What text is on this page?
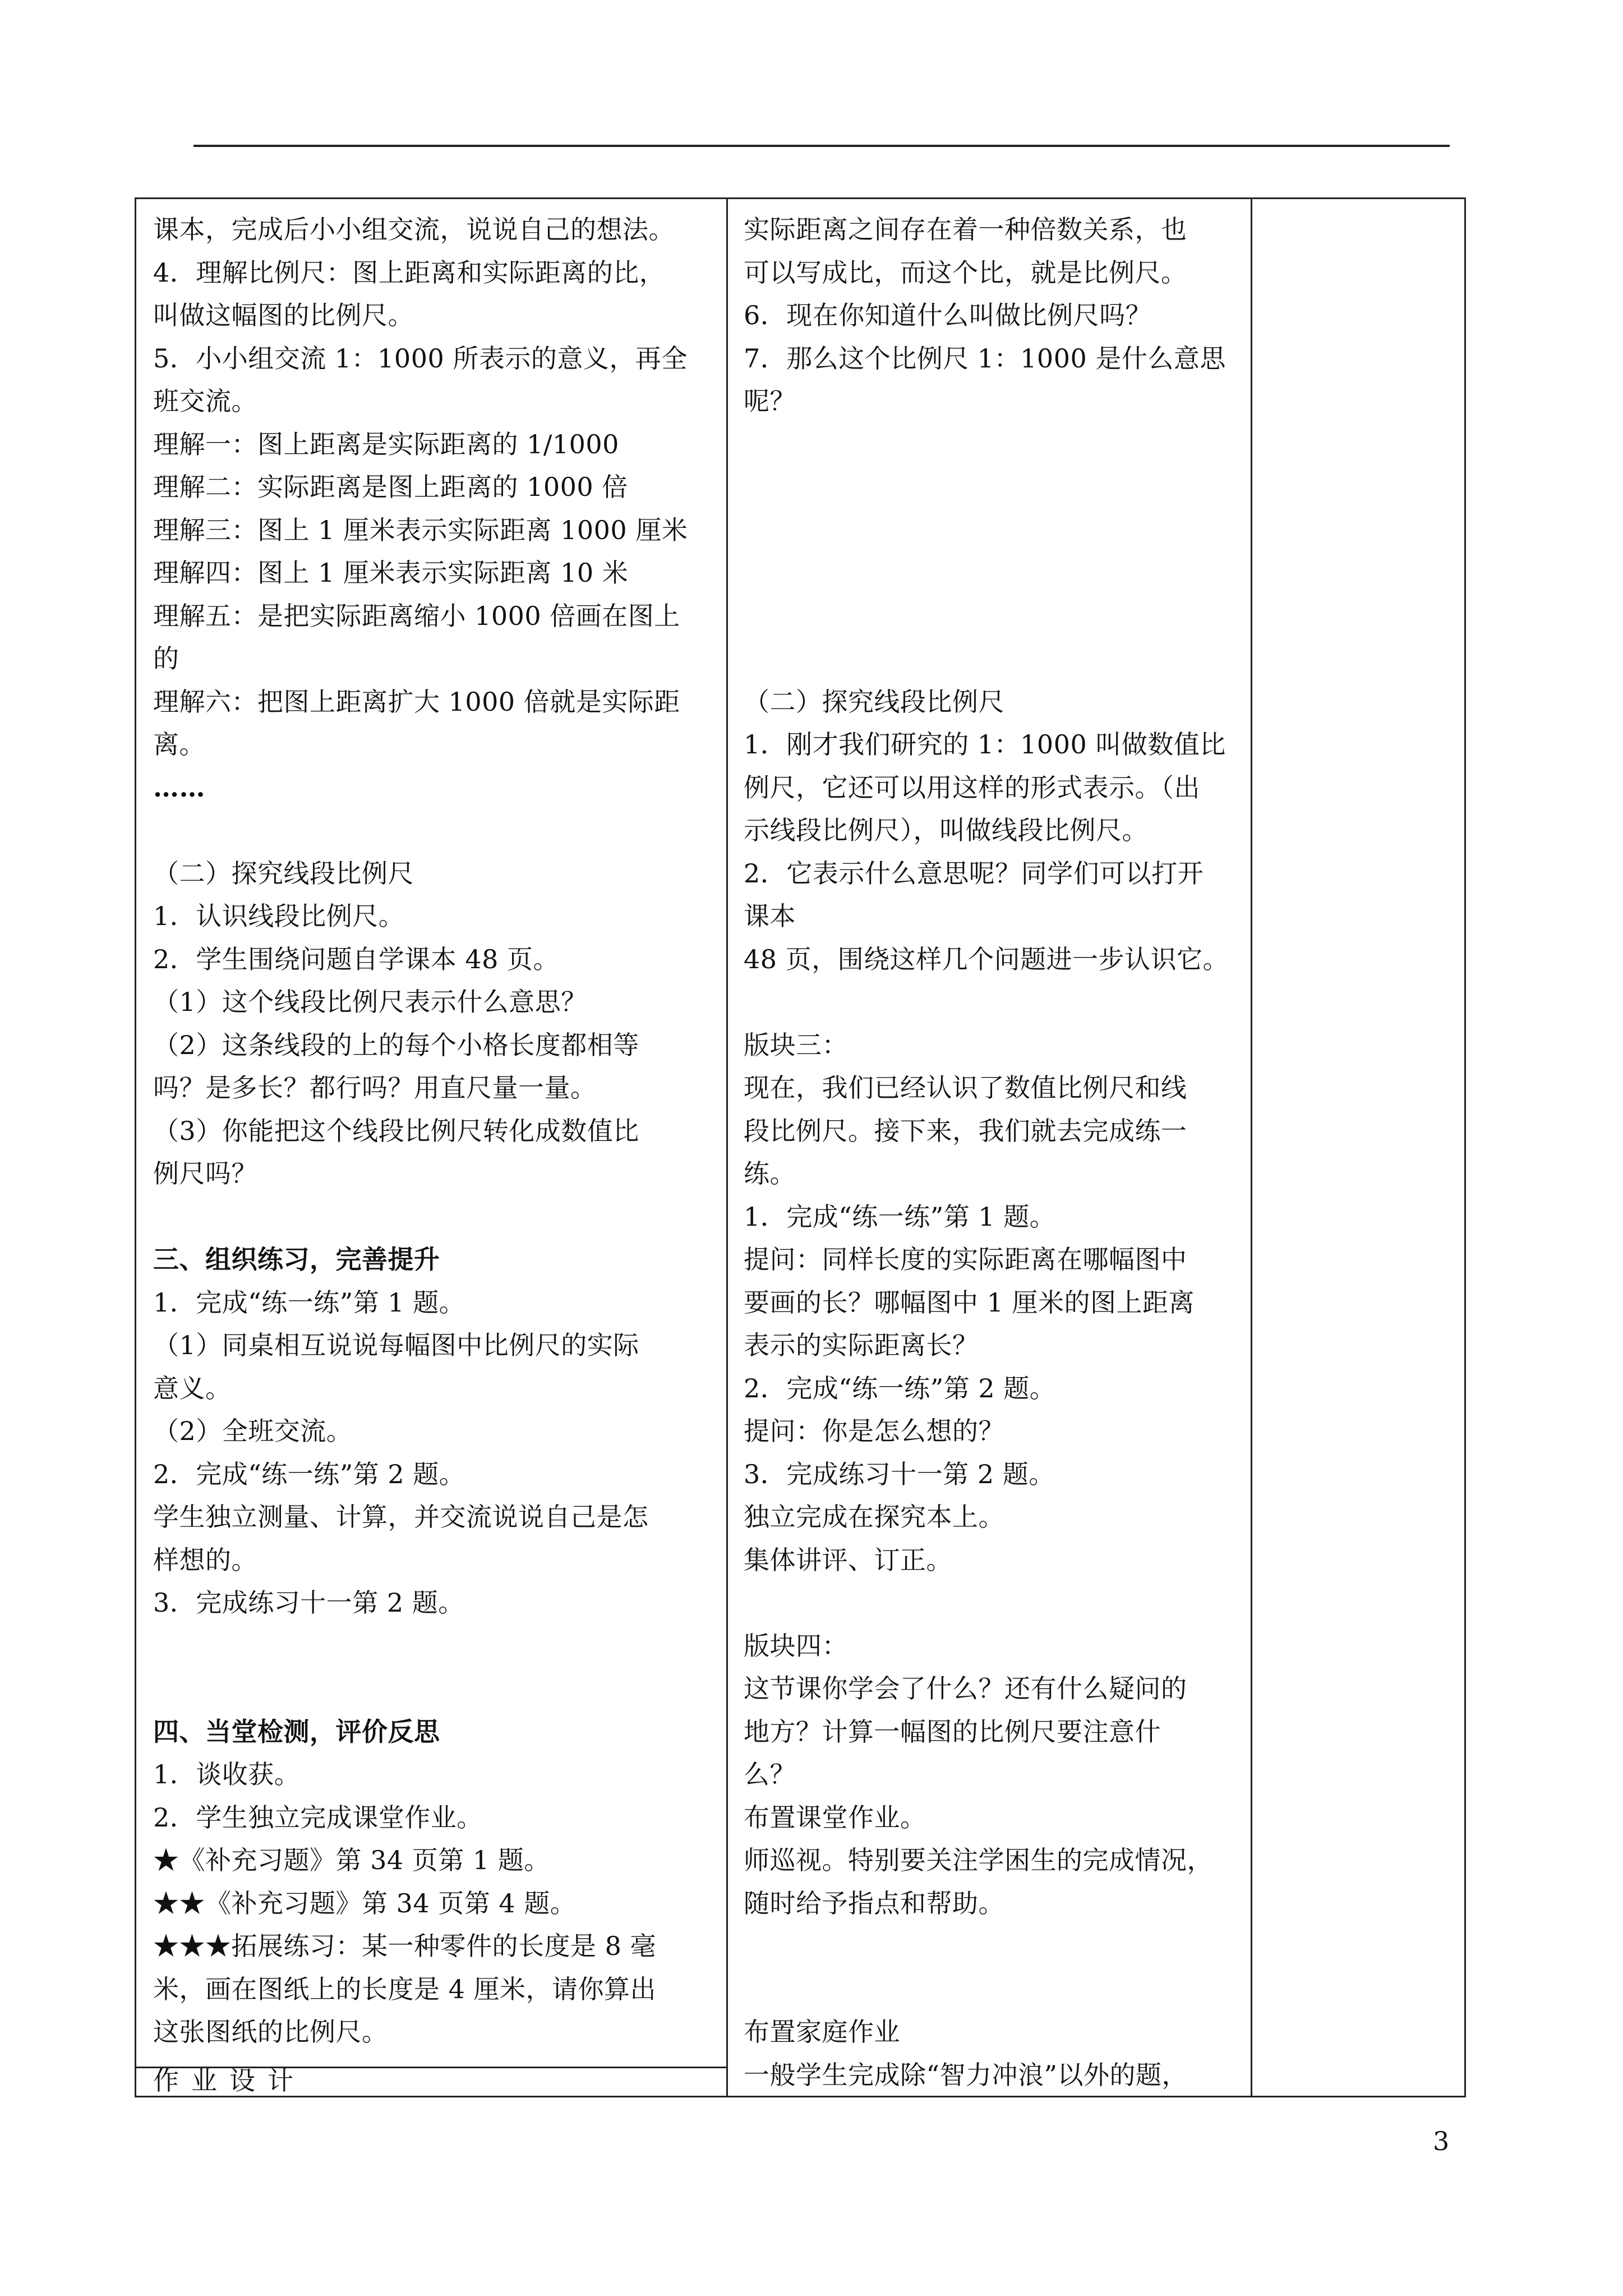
课本，完成后小小组交流，说说自己的想法。
4．理解比例尺：图上距离和实际距离的比，
叫做这幅图的比例尺。
5．小小组交流 1：1000 所表示的意义，再全
班交流。
理解一：图上距离是实际距离的 1/1000
理解二：实际距离是图上距离的 1000 倍
理解三：图上 1 厘米表示实际距离 1000 厘米
理解四：图上 1 厘米表示实际距离 10 米
理解五：是把实际距离缩小 1000 倍画在图上
的
理解六：把图上距离扩大 1000 倍就是实际距
离。
……
（二）探究线段比例尺
1．认识线段比例尺。
2．学生围绕问题自学课本 48 页。
（1）这个线段比例尺表示什么意思？
（2）这条线段的上的每个小格长度都相等
吗？是多长？都行吗？用直尺量一量。
（3）你能把这个线段比例尺转化成数值比
例尺吗？
三、组织练习，完善提升
1．完成“练一练”第 1 题。
（1）同桌相互说说每幅图中比例尺的实际
意义。
（2）全班交流。
2．完成“练一练”第 2 题。
学生独立测量、计算，并交流说说自己是怎
样想的。
3．完成练习十一第 2 题。
四、当堂检测，评价反思
1．谈收获。
2．学生独立完成课堂作业。
★《补充习题》第 34 页第 1 题。
★★《补充习题》第 34 页第 4 题。
★★★拓展练习：某一种零件的长度是 8 毫
米，画在图纸上的长度是 4 厘米，请你算出
这张图纸的比例尺。
实际距离之间存在着一种倍数关系，也
可以写成比，而这个比，就是比例尺。
6．现在你知道什么叫做比例尺吗？
7．那么这个比例尺 1：1000 是什么意思
呢？
（二）探究线段比例尺
1．刚才我们研究的 1：1000 叫做数值比
例尺，它还可以用这样的形式表示。（出
示线段比例尺），叫做线段比例尺。
2．它表示什么意思呢？同学们可以打开
课本
48 页，围绕这样几个问题进一步认识它。
版块三：
现在，我们已经认识了数值比例尺和线
段比例尺。接下来，我们就去完成练一
练。
1．完成“练一练”第 1 题。
提问：同样长度的实际距离在哪幅图中
要画的长？哪幅图中 1 厘米的图上距离
表示的实际距离长？
2．完成“练一练”第 2 题。
提问：你是怎么想的？
3．完成练习十一第 2 题。
独立完成在探究本上。
集体讲评、订正。
版块四：
这节课你学会了什么？还有什么疑问的
地方？计算一幅图的比例尺要注意什
么？
布置课堂作业。
师巡视。特别要关注学困生的完成情况，
随时给予指点和帮助。
布置家庭作业
一般学生完成除“智力冲浪”以外的题，
作业设计
3
